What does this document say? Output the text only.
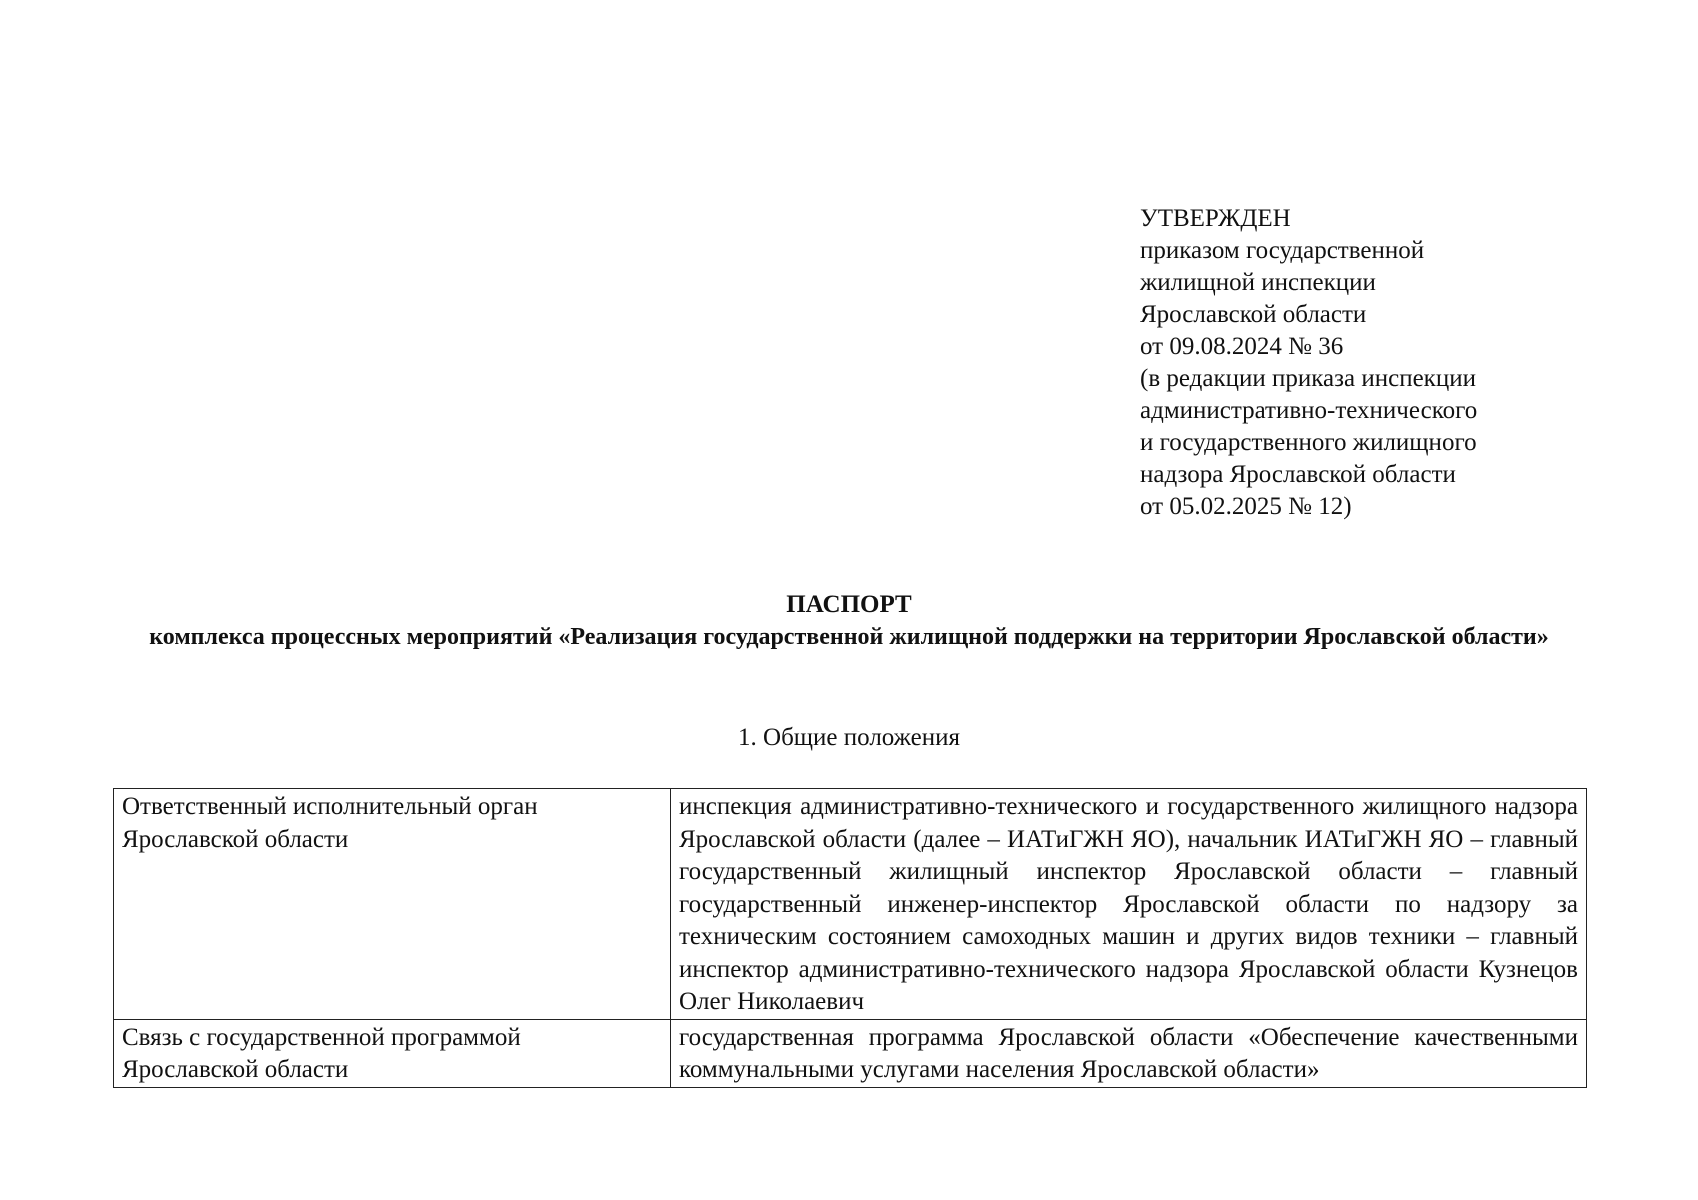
УТВЕРЖДЕН
приказом государственной
жилищной инспекции
Ярославской области
от 09.08.2024 № 36
(в редакции приказа инспекции
административно-технического
и государственного жилищного
надзора Ярославской области
от 05.02.2025 № 12)
ПАСПОРТ
комплекса процессных мероприятий «Реализация государственной жилищной поддержки на территории Ярославской области»
1. Общие положения
Ответственный исполнительный орган Ярославской области	инспекция административно-технического и государственного жилищного надзора Ярославской области (далее – ИАТиГЖН ЯО), начальник ИАТиГЖН ЯО – главный государственный жилищный инспектор Ярославской области – главный государственный инженер-инспектор Ярославской области по надзору за техническим состоянием самоходных машин и других видов техники – главный инспектор административно-технического надзора Ярославской области Кузнецов Олег Николаевич
Связь с государственной программой Ярославской области	государственная программа Ярославской области «Обеспечение качественными коммунальными услугами населения Ярославской области»
